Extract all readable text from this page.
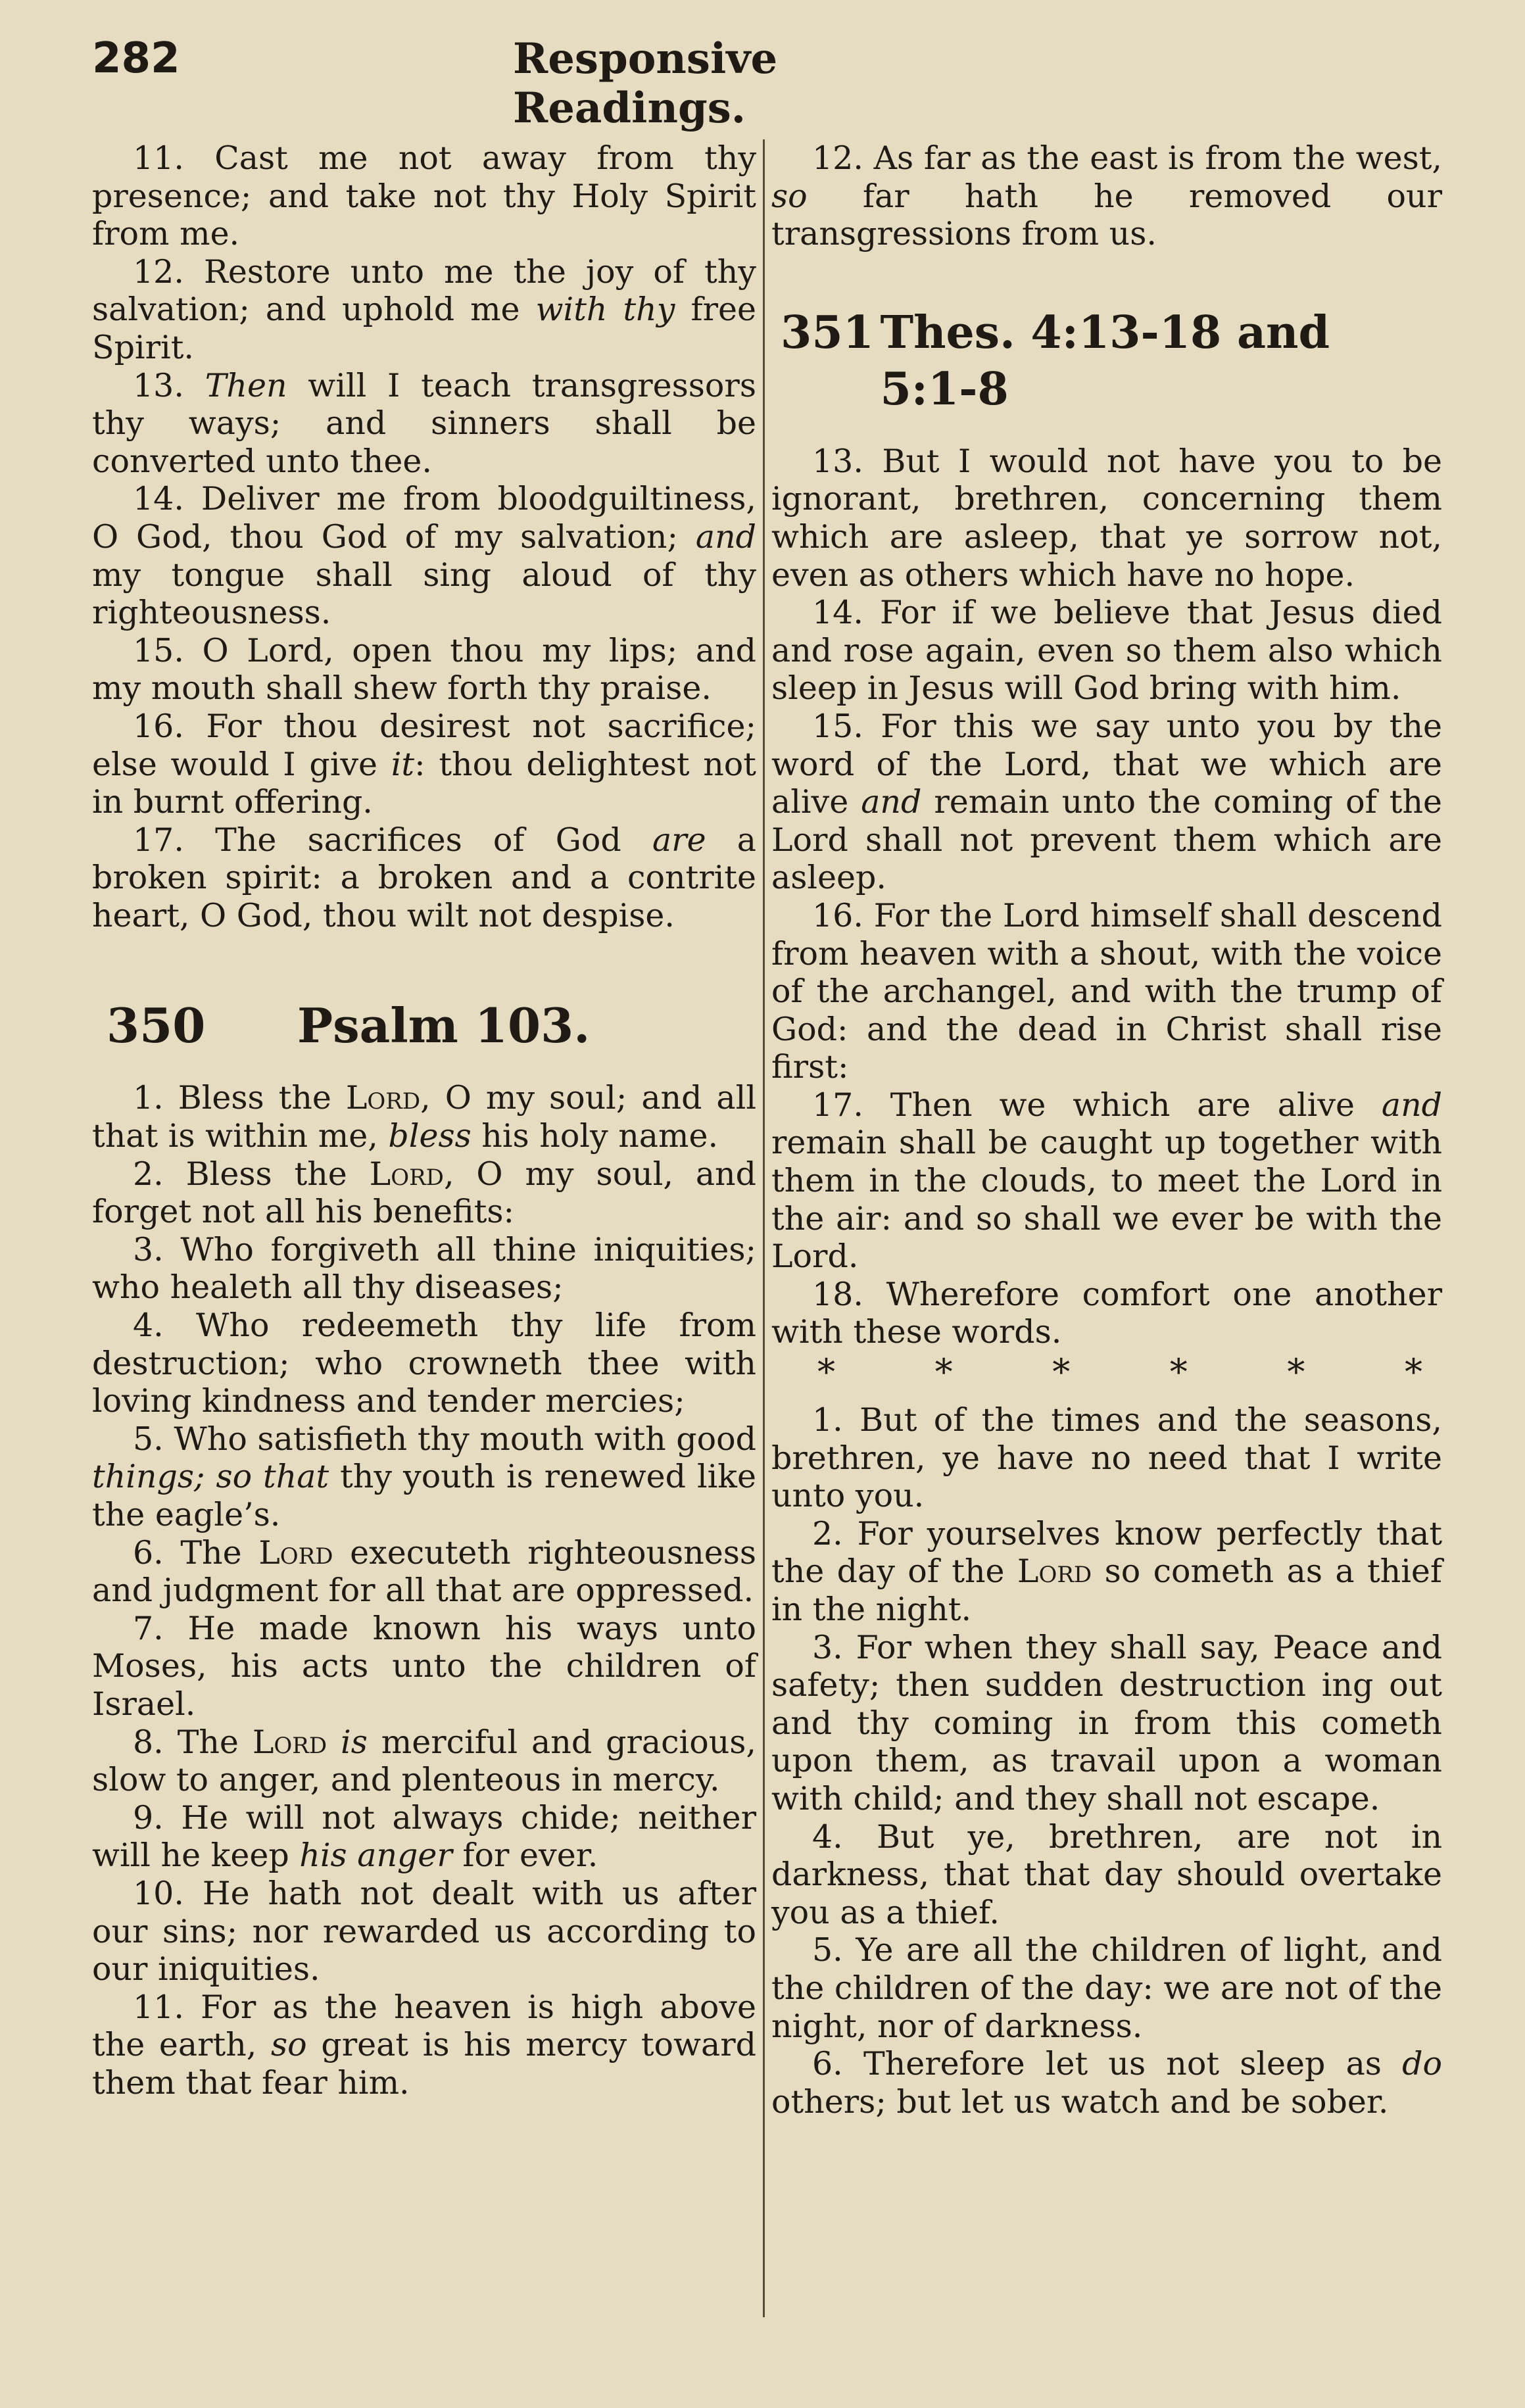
282	Responsive Readings.

11. Cast me not away from thy presence; and take not thy Holy Spirit from me.

12. Restore unto me the joy of thy salvation; and uphold me with thy free Spirit.

13. Then will I teach transgressors thy ways; and sinners shall be converted unto thee.

14. Deliver me from bloodguiltiness, O God, thou God of my salvation; and my tongue shall sing aloud of thy righteousness.

15. O Lord, open thou my lips; and my mouth shall shew forth thy praise.

16. For thou desirest not sacrifice; else would I give it: thou delightest not in burnt offering.

17. The sacrifices of God are a broken spirit: a broken and a contrite heart, O God, thou wilt not despise.

350	Psalm 103.

1. Bless the Lord, O my soul; and all that is within me, bless his holy name.

2. Bless the Lord, O my soul, and forget not all his benefits:

3. Who forgiveth all thine iniquities; who healeth all thy diseases;

4. Who redeemeth thy life from destruction; who crowneth thee with loving kindness and tender mercies;

5. Who satisfieth thy mouth with good things; so that thy youth is renewed like the eagle’s.

6. The Lord executeth righteousness and judgment for all that are oppressed.

7. He made known his ways unto Moses, his acts unto the children of Israel.

8. The Lord is merciful and gracious, slow to anger, and plenteous in mercy.

9. He will not always chide; neither will he keep his anger for ever.

10. He hath not dealt with us after our sins; nor rewarded us according to our iniquities.

11. For as the heaven is high above the earth, so great is his mercy toward them that fear him.

12. As far as the east is from the west, so far hath he removed our transgressions from us.

351 Thes. 4:13-18 and 5:1-8

13. But I would not have you to be ignorant, brethren, concerning them which are asleep, that ye sorrow not, even as others which have no hope.

14. For if we believe that Jesus died and rose again, even so them also which sleep in Jesus will God bring with him.

15. For this we say unto you by the word of the Lord, that we which are alive and remain unto the coming of the Lord shall not prevent them which are asleep.

16. For the Lord himself shall descend from heaven with a shout, with the voice of the archangel, and with the trump of God: and the dead in Christ shall rise first:

17. Then we which are alive and remain shall be caught up together with them in the clouds, to meet the Lord in the air: and so shall we ever be with the Lord.

18. Wherefore comfort one another with these words.

*	*	*	*	*	*

1. But of the times and the seasons, brethren, ye have no need that I write unto you.

2. For yourselves know perfectly that the day of the Lord so cometh as a thief in the night.

3. For when they shall say, Peace and safety; then sudden destruction ing out and thy coming in from this cometh upon them, as travail upon a woman with child; and they shall not escape.

4. But ye, brethren, are not in darkness, that that day should overtake you as a thief.

5. Ye are all the children of light, and the children of the day: we are not of the night, nor of darkness.

6. Therefore let us not sleep as do others; but let us watch and be sober.
